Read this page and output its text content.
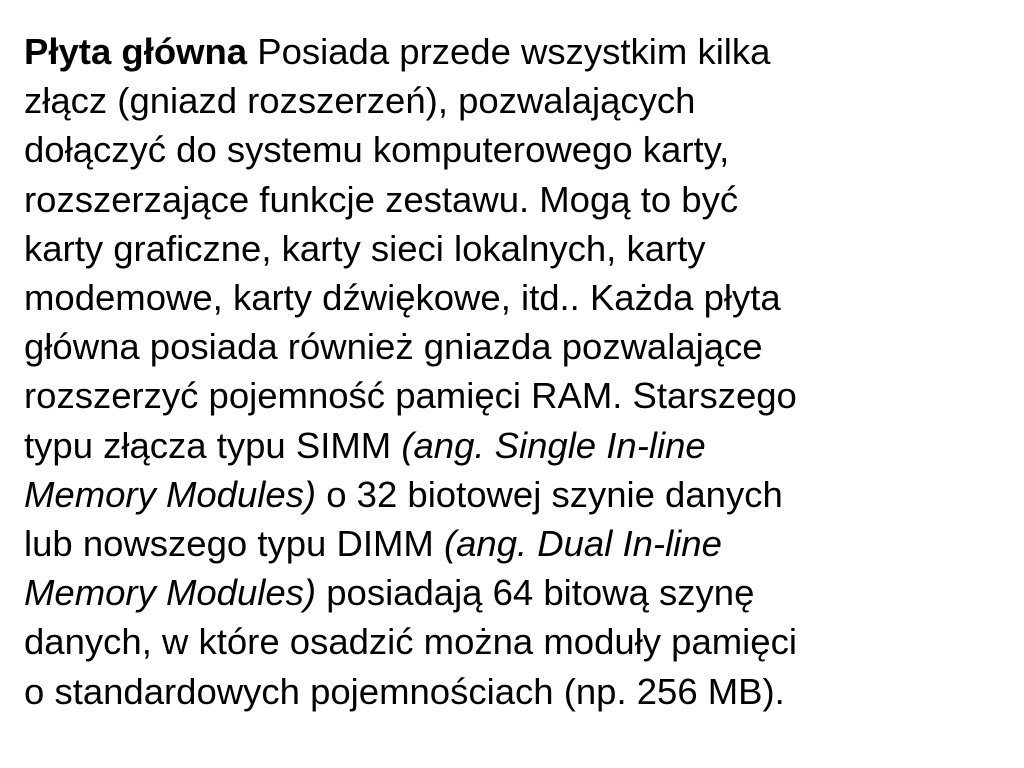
Płyta główna Posiada przede wszystkim kilka
złącz (gniazd rozszerzeń), pozwalających
dołączyć do systemu komputerowego karty,
rozszerzające funkcje zestawu. Mogą to być
karty graficzne, karty sieci lokalnych, karty
modemowe, karty dźwiękowe, itd.. Każda płyta
główna posiada również gniazda pozwalające
rozszerzyć pojemność pamięci RAM. Starszego
typu złącza typu SIMM (ang. Single In-line
Memory Modules) o 32 biotowej szynie danych
lub nowszego typu DIMM (ang. Dual In-line
Memory Modules) posiadają 64 bitową szynę
danych, w które osadzić można moduły pamięci
o standardowych pojemnościach (np. 256 MB).
